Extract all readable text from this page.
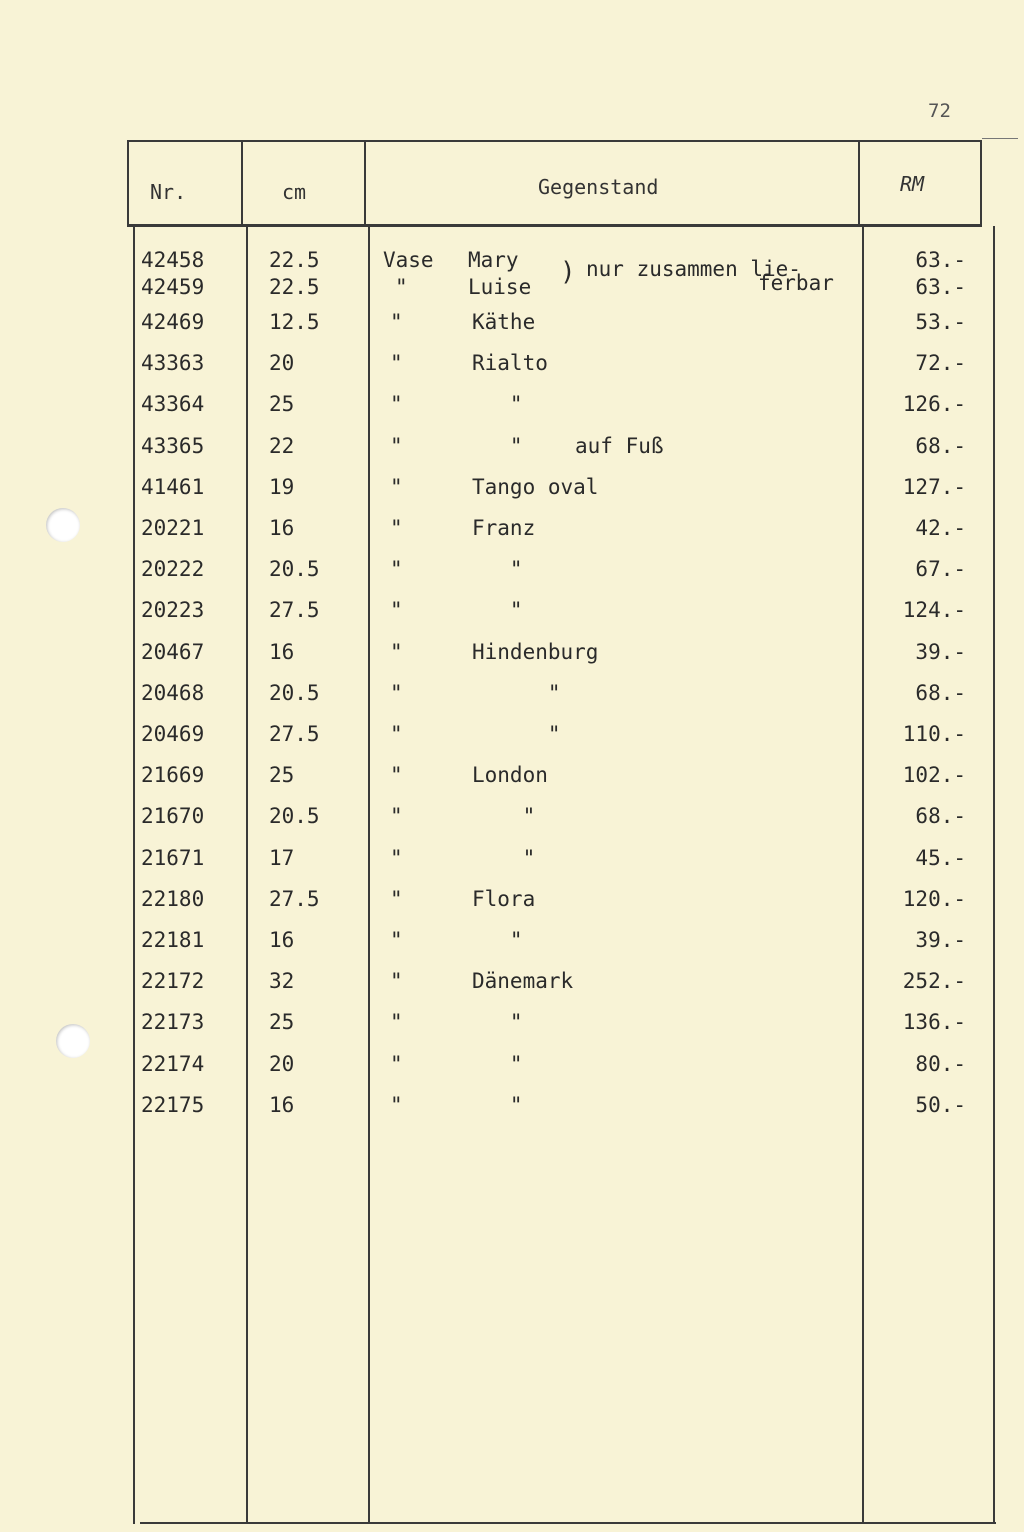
72
Nr.	cm	Gegenstand	RM
42458	22.5	Vase Mary	63.-
42459	22.5	"	Luise	63.-
) nur zusammen lie-
ferbar
42469	12.5	"	Käthe	53.-
43363	20	"	Rialto	72.-
43364	25	"	"	126.-
43365	22	"	" auf Fuß	68.-
41461	19	"	Tango oval	127.-
20221	16	"	Franz	42.-
20222	20.5	"	"	67.-
20223	27.5	"	"	124.-
20467	16	"	Hindenburg	39.-
20468	20.5	"	"	68.-
20469	27.5	"	"	110.-
21669	25	"	London	102.-
21670	20.5	"	"	68.-
21671	17	"	"	45.-
22180	27.5	"	Flora	120.-
22181	16	"	"	39.-
22172	32	"	Dänemark	252.-
22173	25	"	"	136.-
22174	20	"	"	80.-
22175	16	"	"	50.-
